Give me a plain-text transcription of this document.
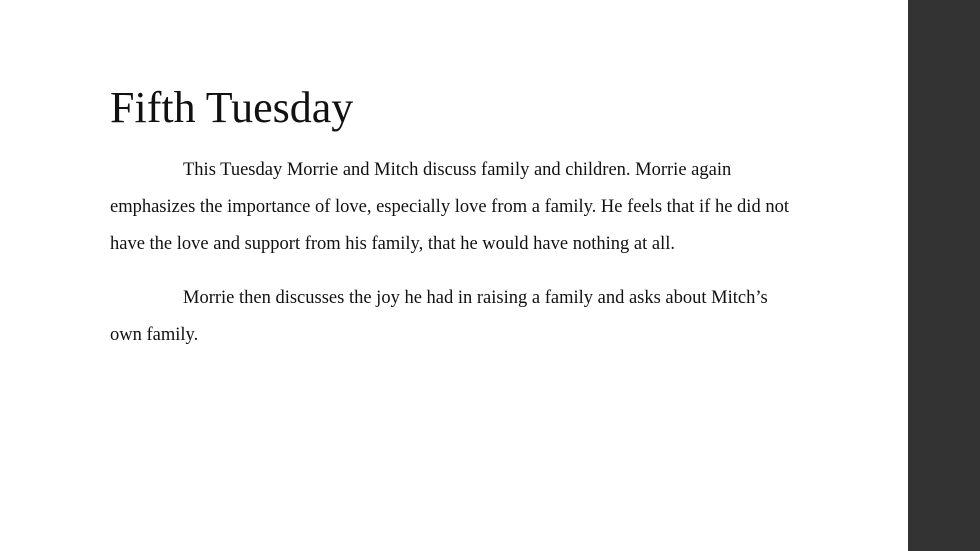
Fifth Tuesday

This Tuesday Morrie and Mitch discuss family and children. Morrie again emphasizes the importance of love, especially love from a family. He feels that if he did not have the love and support from his family, that he would have nothing at all.

Morrie then discusses the joy he had in raising a family and asks about Mitch’s own family.
